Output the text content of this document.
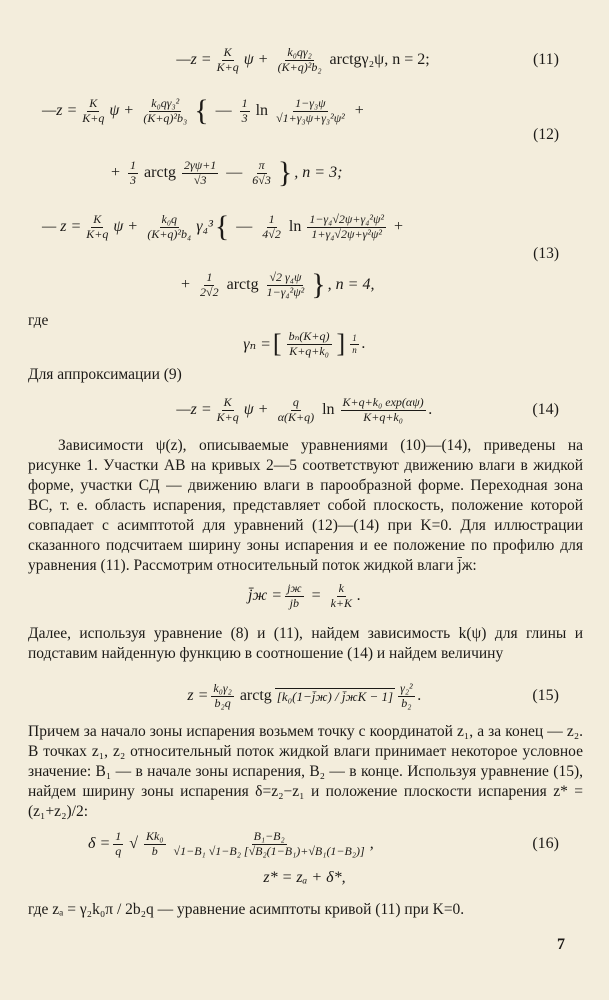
—z = $\frac{K}{K+q}$ $\psi + \frac{\text{k₀qγ₂}}{\text{(K+q)²b₂}}$ arctgγ₂ψ, n = 2;	(11)
—z = $\frac{K}{K+q}$ $\psi + \frac{\text{k₀qγ₃²}}{\text{(K+q)²b₃}}$ { — $\frac{1}{3}$ $\ln \frac{\text{1−γ₃ψ}}{\text{√1+γ₃ψ+γ₃²ψ²}}$ +
(12)
+ $\frac{1}{3}$ arctg $\frac{2\gamma\psi+1}{√3}$ — $\frac{\pi}{6√3}$ } , n = 3;
— $z = \frac{K}{K+q}$ $\psi + \frac{\text{k₀q}}{\text{(K+q)²b₄}} \gamma_4^3$ { — $\frac{1}{4√2}$ $\ln \frac{\text{1−γ₄√2ψ+γ₄²ψ²}}{\text{1+γ₄√2ψ+γ²ψ²}}$ +
(13)
+ $\frac{1}{2√2}$ arctg $\frac{\text{√2 γ₄ψ}}{\text{1−γ₄²ψ²}}$ } , n = 4,
где
γₙ = [ $\frac{\text{bₙ(K+q)}}{\text{K+q+k₀}}$ ] $\frac{1}{n}$ .
Для аппроксимации (9)
—z = $\frac{K}{K+q}$ $\psi + \frac{q}{\alpha(K+q)}$ $\ln \frac{\text{K+q+k₀ exp(αψ)}}{\text{K+q+k₀}}$ .	(14)

Зависимости ψ(z), описываемые уравнениями (10)—(14), приведены на рисунке 1. Участки AB на кривых 2—5 соответствуют движению влаги в жидкой форме, участки CД — движению влаги в парообразной форме. Переходная зона BC, т. е. область испарения, представляет собой плоскость, положение которой совпадает с асимптотой для уравнений (12)—(14) при K=0. Для иллюстрации сказанного подсчитаем ширину зоны испарения и ее положение по профилю для уравнения (11). Рассмотрим относительный поток жидкой влаги j̄ж:

j̄ж = $\frac{jж}{jb} = \frac{k}{k+K}$ .

Далее, используя уравнение (8) и (11), найдем зависимость k(ψ) для глины и подставим найденную функцию в соотношение (14) и найдем величину

$z = \frac{\text{k₀γ₂}}{\text{b₂q}}$ arctg [k₀(1−j̄ж) / j̄жK − $1] \frac{\text{γ₂²}}{\text{b₂}}$ .	(15)

Причем за начало зоны испарения возьмем точку с координатой z₁, а за конец — z₂. В точках z₁, z₂ относительный поток жидкой влаги принимает некоторое условное значение: B₁ — в начале зоны испарения, B₂ — в конце. Используя уравнение (15), найдем ширину зоны испарения δ=z₂−z₁ и положение плоскости испарения z* = (z₁+z₂)/2:

$\delta = \frac{1}{q}$ √ $\frac{\text{Kk₀}}{b} \frac{\text{B₁−B₂}}{\text{√1−B₁ √1−B₂ [√B₂(1−B₁)+√B₁(1−B₂)]}}$ ,	(16)
z* = zₐ + δ*,

где zₐ = γ₂k₀π / 2b₂q — уравнение асимптоты кривой (11) при K=0.

7
